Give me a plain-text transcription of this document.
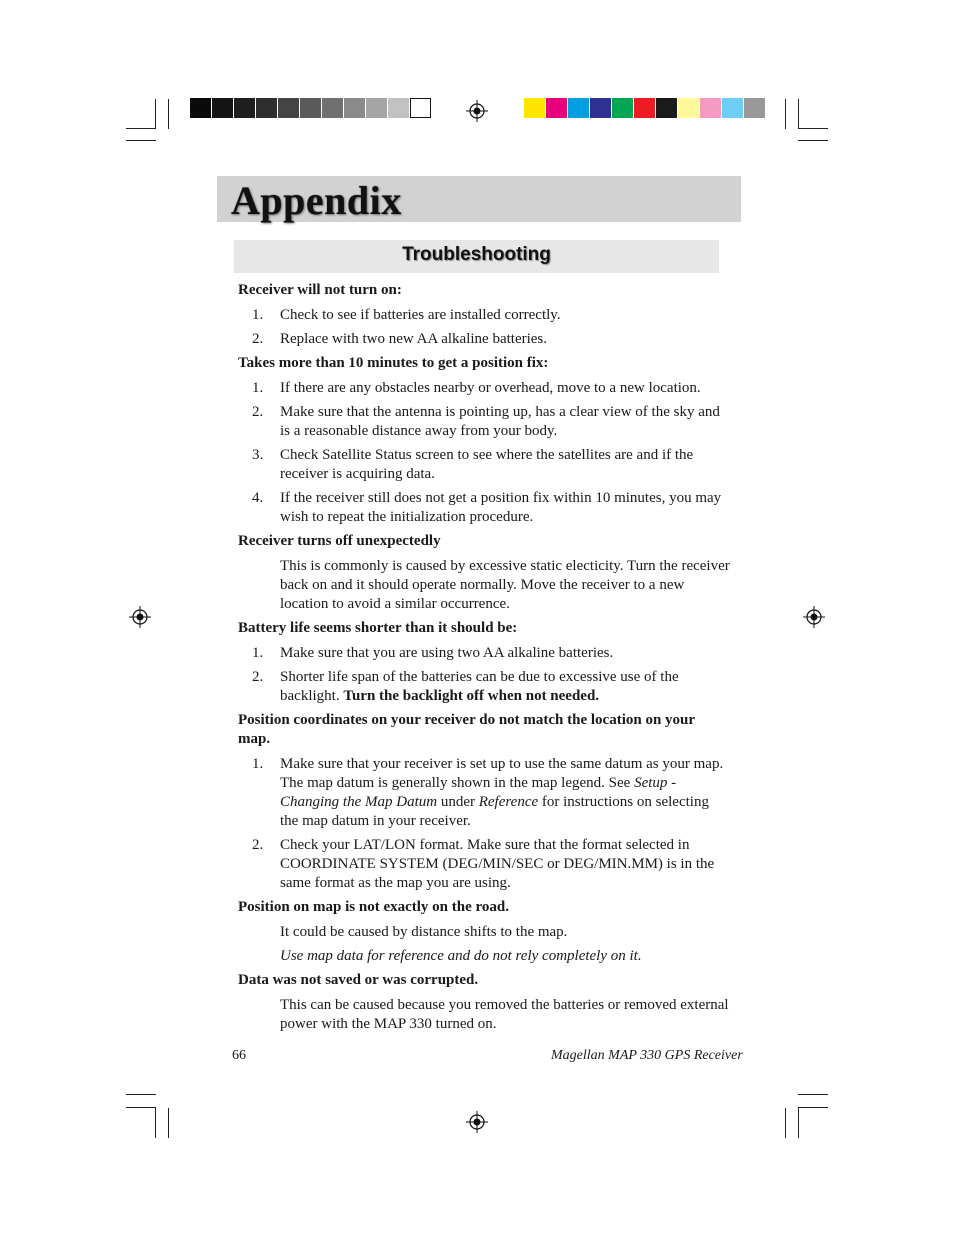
Appendix
Troubleshooting
Receiver will not turn on:
1. Check to see if batteries are installed correctly.
2. Replace with two new AA alkaline batteries.
Takes more than 10 minutes to get a position fix:
1. If there are any obstacles nearby or overhead, move to a new location.
2. Make sure that the antenna is pointing up, has a clear view of the sky and is a reasonable distance away from your body.
3. Check Satellite Status screen to see where the satellites are and if the receiver is acquiring data.
4. If the receiver still does not get a position fix within 10 minutes, you may wish to repeat the initialization procedure.
Receiver turns off unexpectedly
This is commonly is caused by excessive static electicity. Turn the receiver back on and it should operate normally. Move the receiver to a new location to avoid a similar occurrence.
Battery life seems shorter than it should be:
1. Make sure that you are using two AA alkaline batteries.
2. Shorter life span of the batteries can be due to excessive use of the backlight. Turn the backlight off when not needed.
Position coordinates on your receiver do not match the location on your map.
1. Make sure that your receiver is set up to use the same datum as your map. The map datum is generally shown in the map legend. See Setup - Changing the Map Datum under Reference for instructions on selecting the map datum in your receiver.
2. Check your LAT/LON format. Make sure that the format selected in COORDINATE SYSTEM (DEG/MIN/SEC or DEG/MIN.MM) is in the same format as the map you are using.
Position on map is not exactly on the road.
It could be caused by distance shifts to the map.
Use map data for reference and do not rely completely on it.
Data was not saved or was corrupted.
This can be caused because you removed the batteries or removed external power with the MAP 330 turned on.
66	Magellan MAP 330 GPS Receiver
